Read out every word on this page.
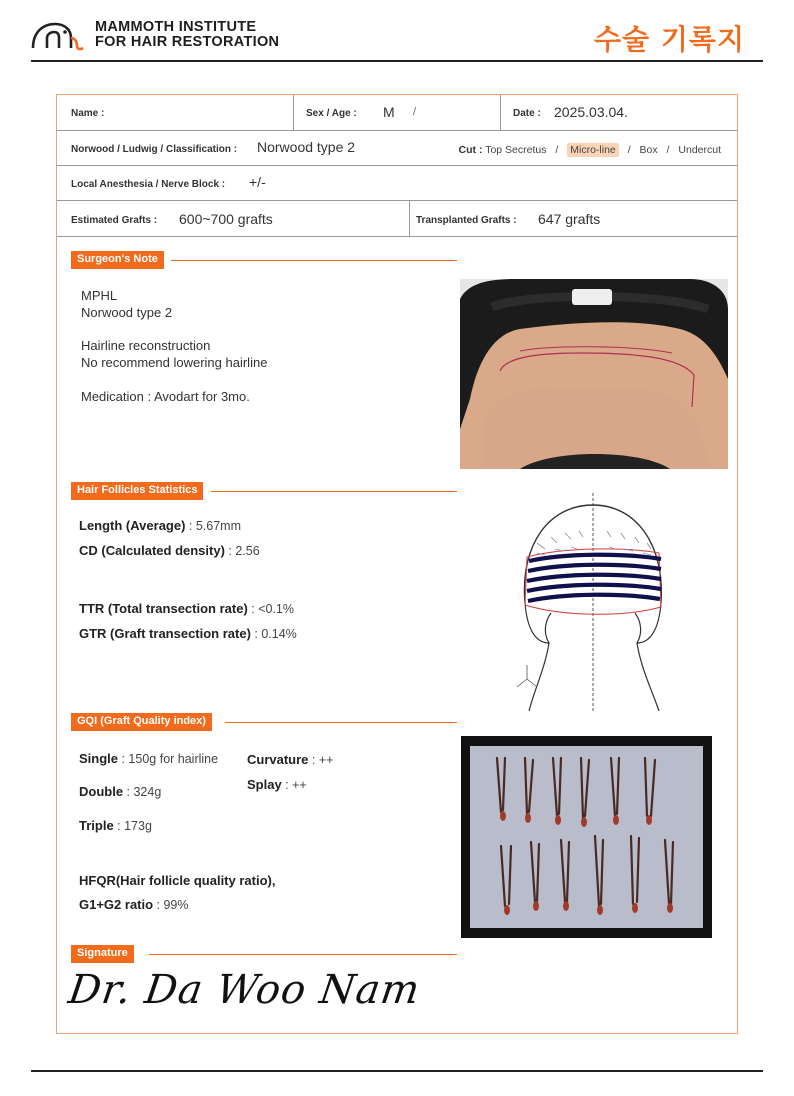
MAMMOTH INSTITUTE
FOR HAIR RESTORATION	수술 기록지
Name :	Sex / Age : M /	Date : 2025.03.04.
Norwood / Ludwig / Classification : Norwood type 2	Cut : Top Secretus / Micro-line / Box / Undercut
Local Anesthesia / Nerve Block : +/-
Estimated Grafts : 600~700 grafts	Transplanted Grafts : 647 grafts
Surgeon's Note
MPHL
Norwood type 2
Hairline reconstruction
No recommend lowering hairline
Medication : Avodart for 3mo.
Hair Follicles Statistics
Length (Average) : 5.67mm
CD (Calculated density) : 2.56
TTR (Total transection rate) : <0.1%
GTR (Graft transection rate) : 0.14%
GQI (Graft Quality index)
Single : 150g for hairline
Double : 324g
Triple : 173g
Curvature : ++
Splay : ++
HFQR(Hair follicle quality ratio),
G1+G2 ratio : 99%
Signature
Dr. Da Woo Nam
